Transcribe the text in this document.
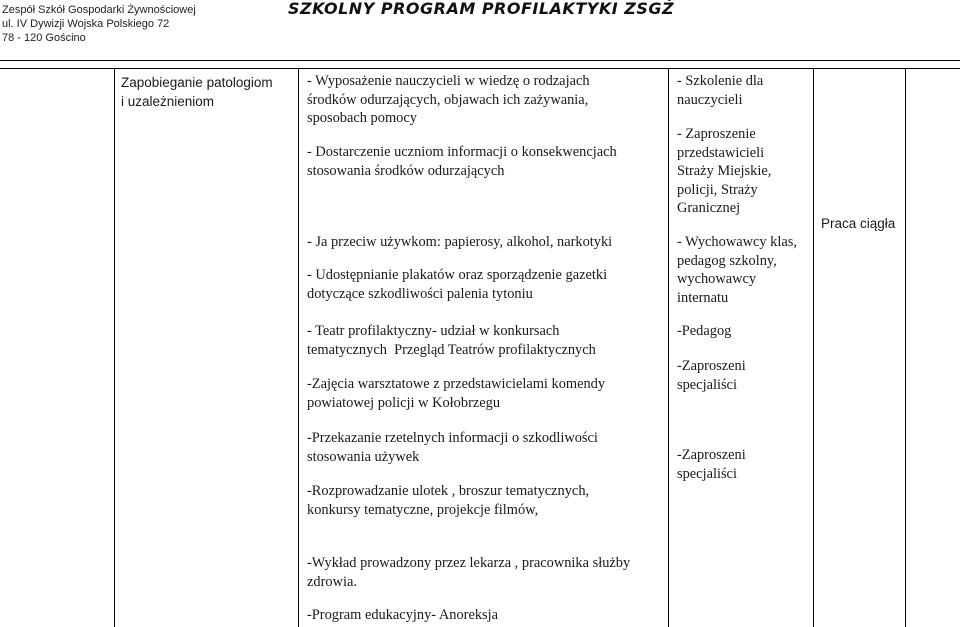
Zespół Szkół Gospodarki Żywnościowej
ul. IV Dywizji Wojska Polskiego 72
78 - 120 Gościno
SZKOLNY PROGRAM PROFILAKTYKI ZSGŻ
Zapobieganie patologiom
i uzależnieniom
- Wyposażenie nauczycieli w wiedzę o rodzajach
środków odurzających, objawach ich zażywania,
sposobach pomocy
- Dostarczenie uczniom informacji o konsekwencjach
stosowania środków odurzających
- Ja przeciw używkom: papierosy, alkohol, narkotyki
- Udostępnianie plakatów oraz sporządzenie gazetki
dotyczące szkodliwości palenia tytoniu
- Teatr profilaktyczny- udział w konkursach
tematycznych  Przegląd Teatrów profilaktycznych
-Zajęcia warsztatowe z przedstawicielami komendy
powiatowej policji w Kołobrzegu
-Przekazanie rzetelnych informacji o szkodliwości
stosowania używek
-Rozprowadzanie ulotek , broszur tematycznych,
konkursy tematyczne, projekcje filmów,
-Wykład prowadzony przez lekarza , pracownika służby
zdrowia.
-Program edukacyjny- Anoreksja
- Szkolenie dla
nauczycieli
- Zaproszenie
przedstawicieli
Straży Miejskie,
policji, Straży
Granicznej
- Wychowawcy klas,
pedagog szkolny,
wychowawcy
internatu
-Pedagog
-Zaproszeni
specjaliści
-Zaproszeni
specjaliści
Praca ciągła
